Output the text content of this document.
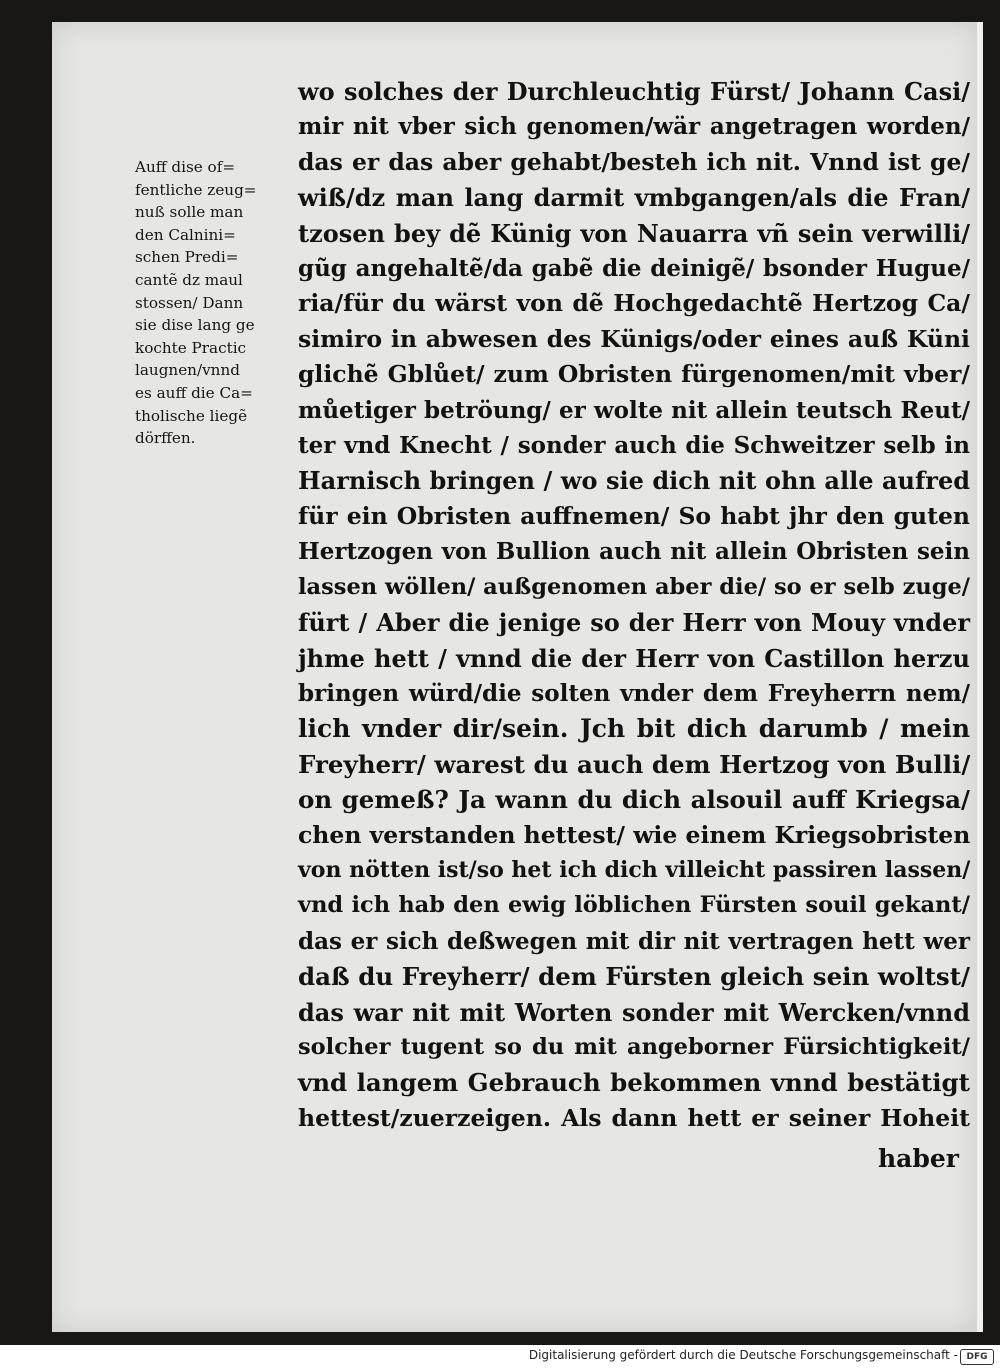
Auff dise of=
fentliche zeug=
nuß solle man
den Calnini=
schen Predi=
cantẽ dz maul
stossen/ Dann
sie dise lang ge
kochte Practic
laugnen/vnnd
es auff die Ca=
tholische liegẽ
dörffen.
wo solches der Durchleuchtig Fürst/ Johann Casi/
mir nit vber sich genomen/wär angetragen worden/
das er das aber gehabt/besteh ich nit. Vnnd ist ge/
wiß/dz man lang darmit vmbgangen/als die Fran/
tzosen bey dẽ Künig von Nauarra vñ sein verwilli/
gũg angehaltẽ/da gabẽ die deinigẽ/ bsonder Hugue/
ria/für du wärst von dẽ Hochgedachtẽ Hertzog Ca/
simiro in abwesen des Künigs/oder eines auß Küni
glichẽ Gblůet/ zum Obristen fürgenomen/mit vber/
můetiger betröung/ er wolte nit allein teutsch Reut/
ter vnd Knecht / sonder auch die Schweitzer selb in
Harnisch bringen / wo sie dich nit ohn alle aufred
für ein Obristen auffnemen/ So habt jhr den guten
Hertzogen von Bullion auch nit allein Obristen sein
lassen wöllen/ außgenomen aber die/ so er selb zuge/
fürt / Aber die jenige so der Herr von Mouy vnder
jhme hett / vnnd die der Herr von Castillon herzu
bringen würd/die solten vnder dem Freyherrn nem/
lich vnder dir/sein. Jch bit dich darumb / mein
Freyherr/ warest du auch dem Hertzog von Bulli/
on gemeß? Ja wann du dich alsouil auff Kriegsa/
chen verstanden hettest/ wie einem Kriegsobristen
von nötten ist/so het ich dich villeicht passiren lassen/
vnd ich hab den ewig löblichen Fürsten souil gekant/
das er sich deßwegen mit dir nit vertragen hett wer
daß du Freyherr/ dem Fürsten gleich sein woltst/
das war nit mit Worten sonder mit Wercken/vnnd
solcher tugent so du mit angeborner Fürsichtigkeit/
vnd langem Gebrauch bekommen vnnd bestätigt
hettest/zuerzeigen. Als dann hett er seiner Hoheit
haber
Digitalisierung gefördert durch die Deutsche Forschungsgemeinschaft - DFG
